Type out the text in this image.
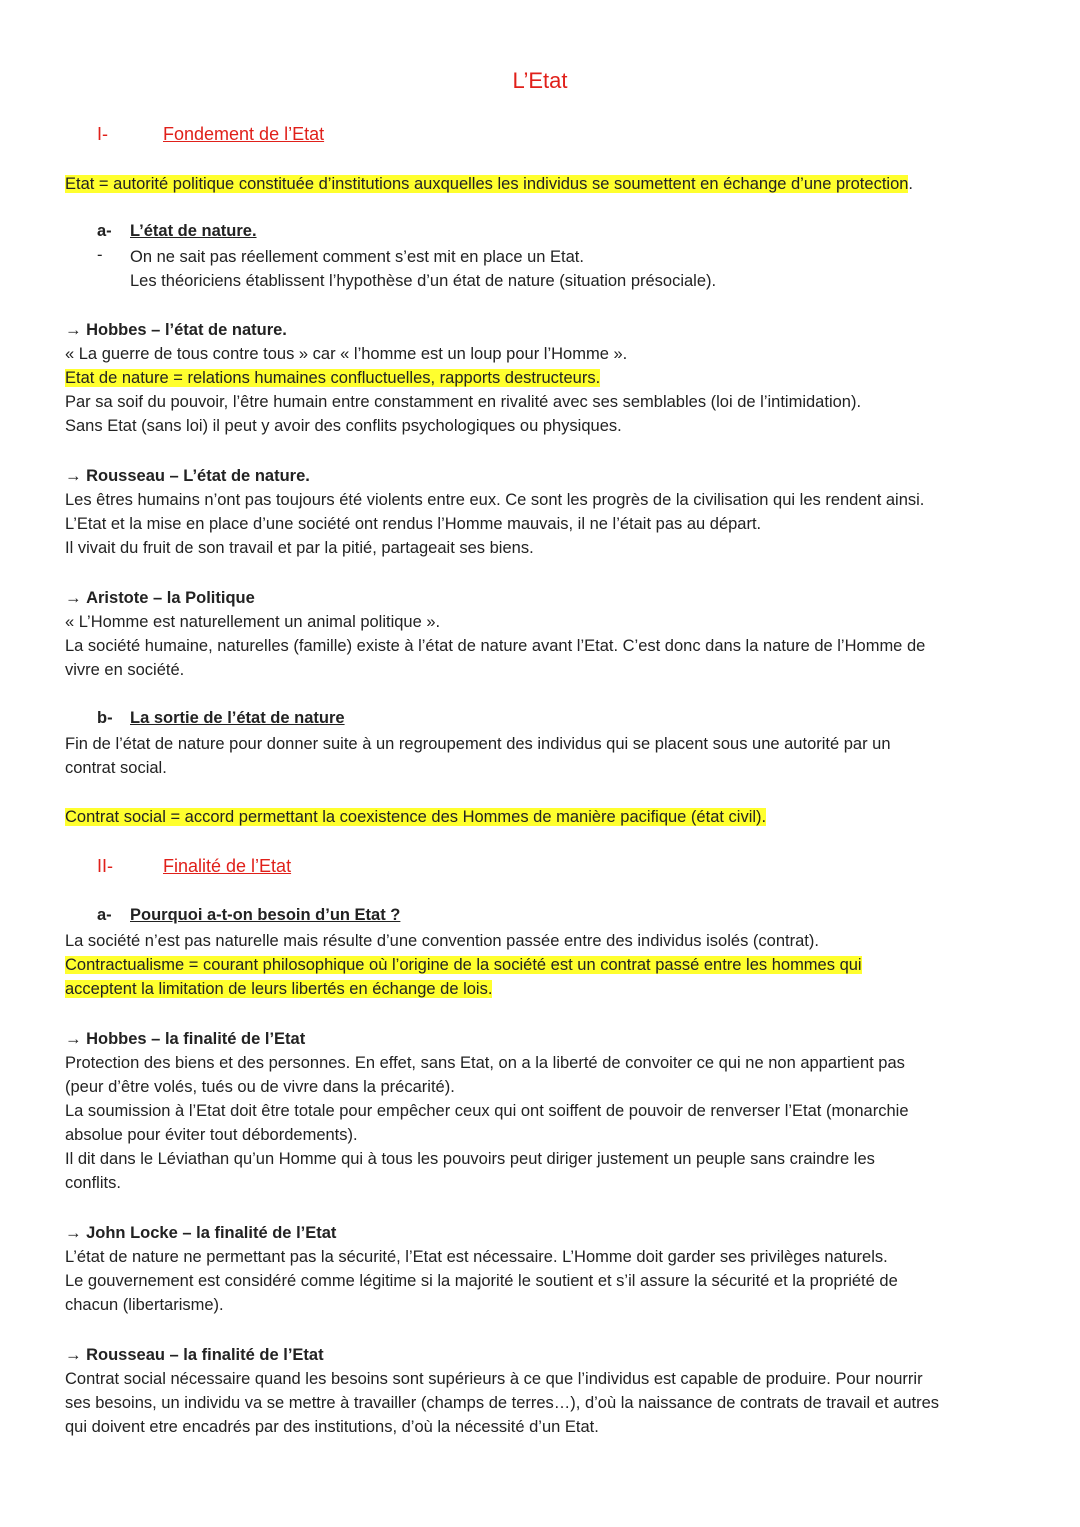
L’Etat
I-	Fondement de l’Etat
Etat = autorité politique constituée d’institutions auxquelles les individus se soumettent en échange d’une protection.
a- L’état de nature.
- On ne sait pas réellement comment s’est mit en place un Etat.
Les théoriciens établissent l’hypothèse d’un état de nature (situation présociale).
→ Hobbes – l’état de nature.
« La guerre de tous contre tous » car « l’homme est un loup pour l’Homme ».
Etat de nature = relations humaines confluctuelles, rapports destructeurs.
Par sa soif du pouvoir, l’être humain entre constamment en rivalité avec ses semblables (loi de l’intimidation).
Sans Etat (sans loi) il peut y avoir des conflits psychologiques ou physiques.
→ Rousseau – L’état de nature.
Les êtres humains n’ont pas toujours été violents entre eux. Ce sont les progrès de la civilisation qui les rendent ainsi.
L’Etat et la mise en place d’une société ont rendus l’Homme mauvais, il ne l’était pas au départ.
Il vivait du fruit de son travail et par la pitié, partageait ses biens.
→ Aristote – la Politique
« L’Homme est naturellement un animal politique ».
La société humaine, naturelles (famille) existe à l’état de nature avant l’Etat. C’est donc dans la nature de l’Homme de
vivre en société.
b- La sortie de l’état de nature
Fin de l’état de nature pour donner suite à un regroupement des individus qui se placent sous une autorité par un
contrat social.
Contrat social = accord permettant la coexistence des Hommes de manière pacifique (état civil).
II-	Finalité de l’Etat
a- Pourquoi a-t-on besoin d’un Etat ?
La société n’est pas naturelle mais résulte d’une convention passée entre des individus isolés (contrat).
Contractualisme = courant philosophique où l’origine de la société est un contrat passé entre les hommes qui
acceptent la limitation de leurs libertés en échange de lois.
→ Hobbes – la finalité de l’Etat
Protection des biens et des personnes. En effet, sans Etat, on a la liberté de convoiter ce qui ne non appartient pas
(peur d’être volés, tués ou de vivre dans la précarité).
La soumission à l’Etat doit être totale pour empêcher ceux qui ont soiffent de pouvoir de renverser l’Etat (monarchie
absolue pour éviter tout débordements).
Il dit dans le Léviathan qu’un Homme qui à tous les pouvoirs peut diriger justement un peuple sans craindre les
conflits.
→ John Locke – la finalité de l’Etat
L’état de nature ne permettant pas la sécurité, l’Etat est nécessaire. L’Homme doit garder ses privilèges naturels.
Le gouvernement est considéré comme légitime si la majorité le soutient et s’il assure la sécurité et la propriété de
chacun (libertarisme).
→ Rousseau – la finalité de l’Etat
Contrat social nécessaire quand les besoins sont supérieurs à ce que l’individus est capable de produire. Pour nourrir
ses besoins, un individu va se mettre à travailler (champs de terres…), d’où la naissance de contrats de travail et autres
qui doivent etre encadrés par des institutions, d’où la nécessité d’un Etat.
